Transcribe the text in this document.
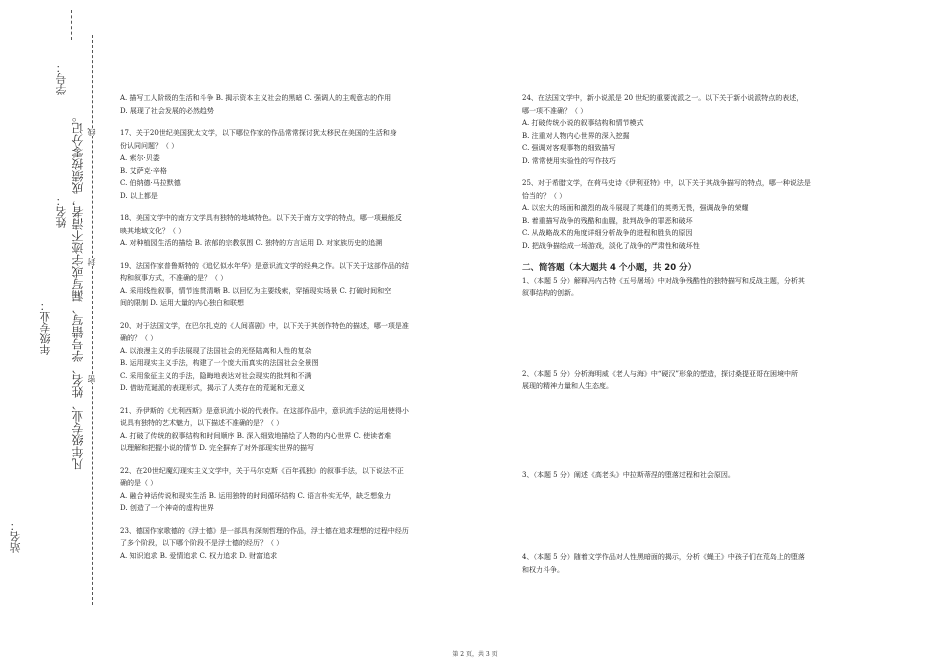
站名：
年级专业：
姓名：
学号：
凡年级专业、姓名、学号错写、漏写或字迹不清者，成绩按零分记。 线
封
密

A. 描写工人阶级的生活和斗争 B. 揭示资本主义社会的黑暗 C. 强调人的主观意志的作用

D. 展现了社会发展的必然趋势

17、关于20世纪美国犹太文学，以下哪位作家的作品常常探讨犹太移民在美国的生活和身

份认同问题？（ ）

A. 索尔·贝娄

B. 艾萨克·辛格

C. 伯纳德·马拉默德

D. 以上都是

18、美国文学中的南方文学具有独特的地域特色。以下关于南方文学的特点，哪一项最能反

映其地域文化？（ ）

A. 对种植园生活的描绘 B. 浓郁的宗教氛围 C. 独特的方言运用 D. 对家族历史的追溯

19、法国作家普鲁斯特的《追忆似水年华》是意识流文学的经典之作。以下关于这部作品的结

构和叙事方式，不准确的是？（ ）

A. 采用线性叙事，情节连贯清晰 B. 以回忆为主要线索，穿插现实场景 C. 打破时间和空

间的限制 D. 运用大量的内心独白和联想

20、对于法国文学，在巴尔扎克的《人间喜剧》中，以下关于其创作特色的描述，哪一项是准

确的？（ ）

A. 以浪漫主义的手法展现了法国社会的光怪陆离和人性的复杂

B. 运用现实主义手法，构建了一个庞大而真实的法国社会全景图

C. 采用象征主义的手法，隐晦地表达对社会现实的批判和不满

D. 借助荒诞派的表现形式，揭示了人类存在的荒诞和无意义

21、乔伊斯的《尤利西斯》是意识流小说的代表作。在这部作品中，意识流手法的运用使得小

说具有独特的艺术魅力，以下描述不准确的是？（ ）

A. 打破了传统的叙事结构和时间顺序 B. 深入细致地描绘了人物的内心世界 C. 使读者难

以理解和把握小说的情节 D. 完全摒弃了对外部现实世界的描写

22、在20世纪魔幻现实主义文学中，关于马尔克斯《百年孤独》的叙事手法，以下说法不正

确的是（ ）

A. 融合神话传说和现实生活 B. 运用独特的时间循环结构 C. 语言朴实无华，缺乏想象力

D. 创造了一个神奇的虚构世界

23、德国作家歌德的《浮士德》是一部具有深刻哲理的作品，浮士德在追求理想的过程中经历

了多个阶段，以下哪个阶段不是浮士德的经历？（ ）

A. 知识追求 B. 爱情追求 C. 权力追求 D. 财富追求

24、在法国文学中，新小说派是 20 世纪的重要流派之一。以下关于新小说派特点的表述，

哪一项不准确？（ ）

A. 打破传统小说的叙事结构和情节模式

B. 注重对人物内心世界的深入挖掘

C. 强调对客观事物的细致描写

D. 常常使用实验性的写作技巧

25、对于希腊文学，在荷马史诗《伊利亚特》中，以下关于其战争描写的特点，哪一种说法是

恰当的？（ ）

A. 以宏大的场面和激烈的战斗展现了英雄们的英勇无畏，强调战争的荣耀

B. 着重描写战争的残酷和血腥，批判战争的罪恶和破坏

C. 从战略战术的角度详细分析战争的进程和胜负的原因

D. 把战争描绘成一场游戏，淡化了战争的严肃性和破坏性

二、简答题（本大题共 4 个小题，共 20 分）

1、（本题 5 分）解释冯内古特《五号屠场》中对战争残酷性的独特描写和反战主题，分析其

叙事结构的创新。

2、（本题 5 分）分析海明威《老人与海》中“硬汉”形象的塑造，探讨桑提亚哥在困境中所

展现的精神力量和人生态度。

3、（本题 5 分）阐述《高老头》中拉斯蒂涅的堕落过程和社会原因。

4、（本题 5 分）随着文学作品对人性黑暗面的揭示，分析《蝇王》中孩子们在荒岛上的堕落

和权力斗争。

第 2 页，共 3 页
